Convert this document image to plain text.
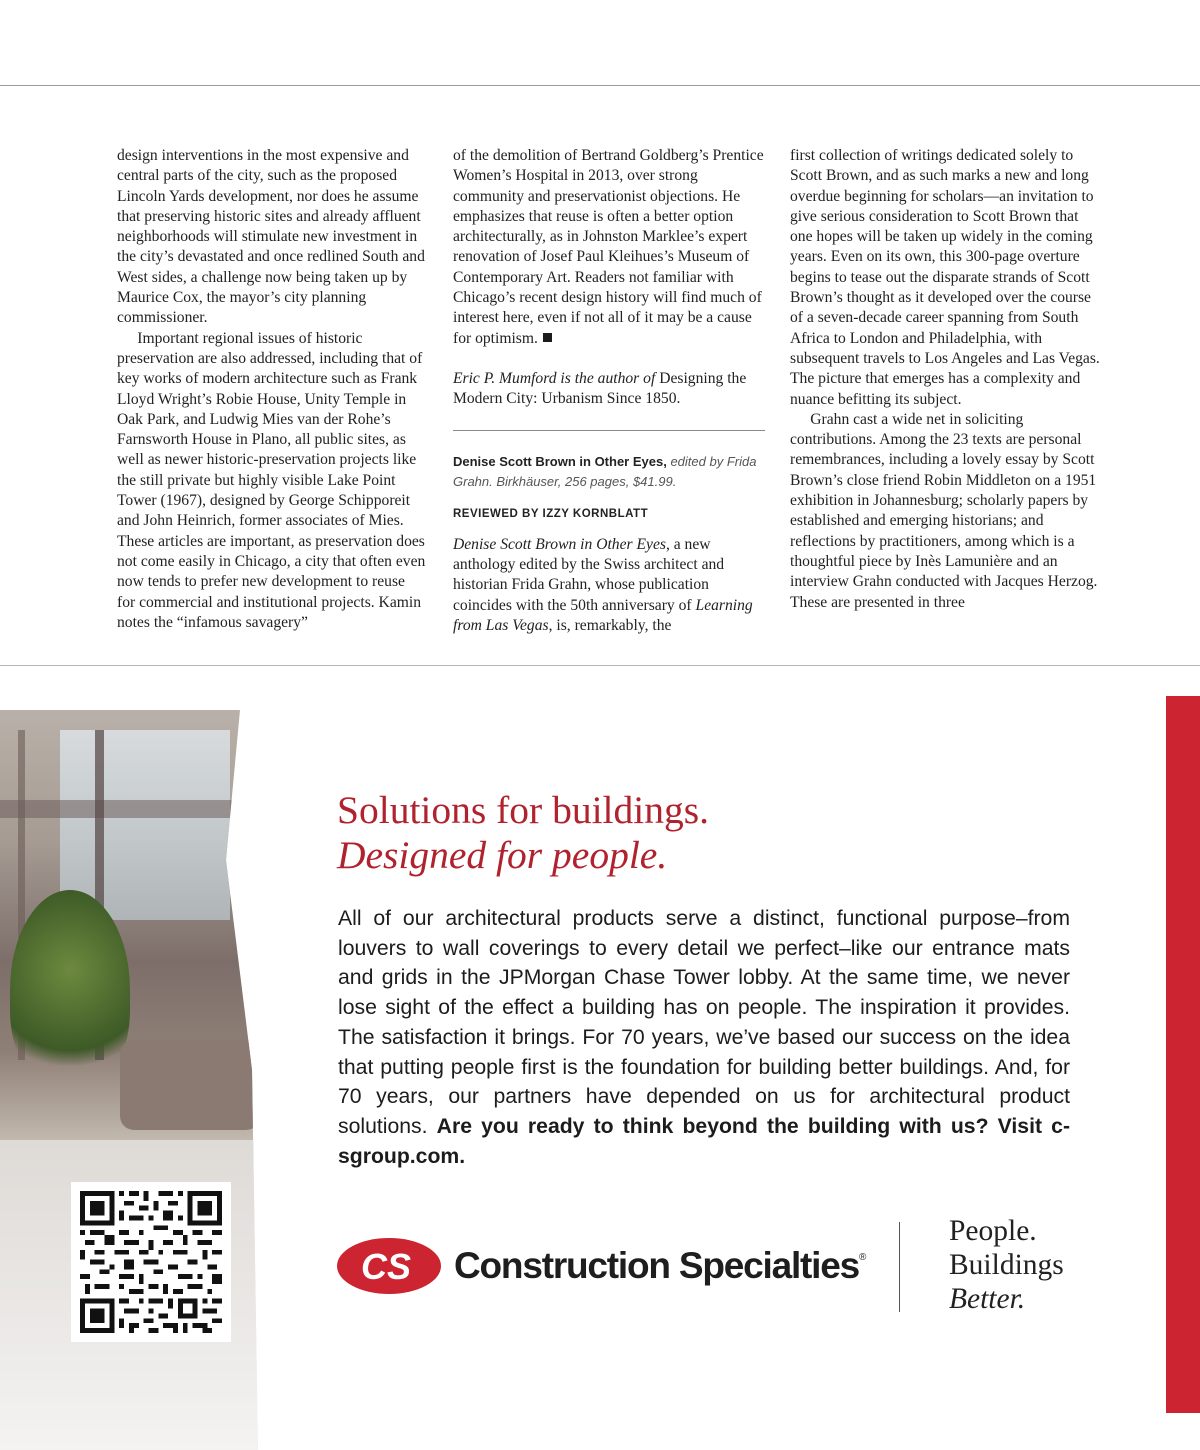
design interventions in the most expensive and central parts of the city, such as the proposed Lincoln Yards development, nor does he assume that preserving historic sites and already affluent neighborhoods will stimulate new investment in the city’s devastated and once redlined South and West sides, a challenge now being taken up by Maurice Cox, the mayor’s city planning commissioner.

Important regional issues of historic preservation are also addressed, including that of key works of modern architecture such as Frank Lloyd Wright’s Robie House, Unity Temple in Oak Park, and Ludwig Mies van der Rohe’s Farnsworth House in Plano, all public sites, as well as newer historic-preservation projects like the still private but highly visible Lake Point Tower (1967), designed by George Schipporeit and John Heinrich, former associates of Mies. These articles are important, as preservation does not come easily in Chicago, a city that often even now tends to prefer new development to reuse for commercial and institutional projects. Kamin notes the “infamous savagery”

of the demolition of Bertrand Goldberg’s Prentice Women’s Hospital in 2013, over strong community and preservationist objections. He emphasizes that reuse is often a better option architecturally, as in Johnston Marklee’s expert renovation of Josef Paul Kleihues’s Museum of Contemporary Art. Readers not familiar with Chicago’s recent design history will find much of interest here, even if not all of it may be a cause for optimism.

Eric P. Mumford is the author of Designing the Modern City: Urbanism Since 1850.

Denise Scott Brown in Other Eyes, edited by Frida Grahn. Birkhäuser, 256 pages, $41.99.
REVIEWED BY IZZY KORNBLATT

Denise Scott Brown in Other Eyes, a new anthology edited by the Swiss architect and historian Frida Grahn, whose publication coincides with the 50th anniversary of Learning from Las Vegas, is, remarkably, the

first collection of writings dedicated solely to Scott Brown, and as such marks a new and long overdue beginning for scholars—an invitation to give serious consideration to Scott Brown that one hopes will be taken up widely in the coming years. Even on its own, this 300-page overture begins to tease out the disparate strands of Scott Brown’s thought as it developed over the course of a seven-decade career spanning from South Africa to London and Philadelphia, with subsequent travels to Los Angeles and Las Vegas. The picture that emerges has a complexity and nuance befitting its subject.

Grahn cast a wide net in soliciting contributions. Among the 23 texts are personal remembrances, including a lovely essay by Scott Brown’s close friend Robin Middleton on a 1951 exhibition in Johannesburg; scholarly papers by established and emerging historians; and reflections by practitioners, among which is a thoughtful piece by Inès Lamunière and an interview Grahn conducted with Jacques Herzog. These are presented in three

Solutions for buildings.
Designed for people.
All of our architectural products serve a distinct, functional purpose–from louvers to wall coverings to every detail we perfect–like our entrance mats and grids in the JPMorgan Chase Tower lobby. At the same time, we never lose sight of the effect a building has on people. The inspiration it provides. The satisfaction it brings. For 70 years, we’ve based our success on the idea that putting people first is the foundation for building better buildings. And, for 70 years, our partners have depended on us for architectural product solutions. Are you ready to think beyond the building with us? Visit c-sgroup.com.
CS Construction Specialties®
People.
Buildings
Better.
